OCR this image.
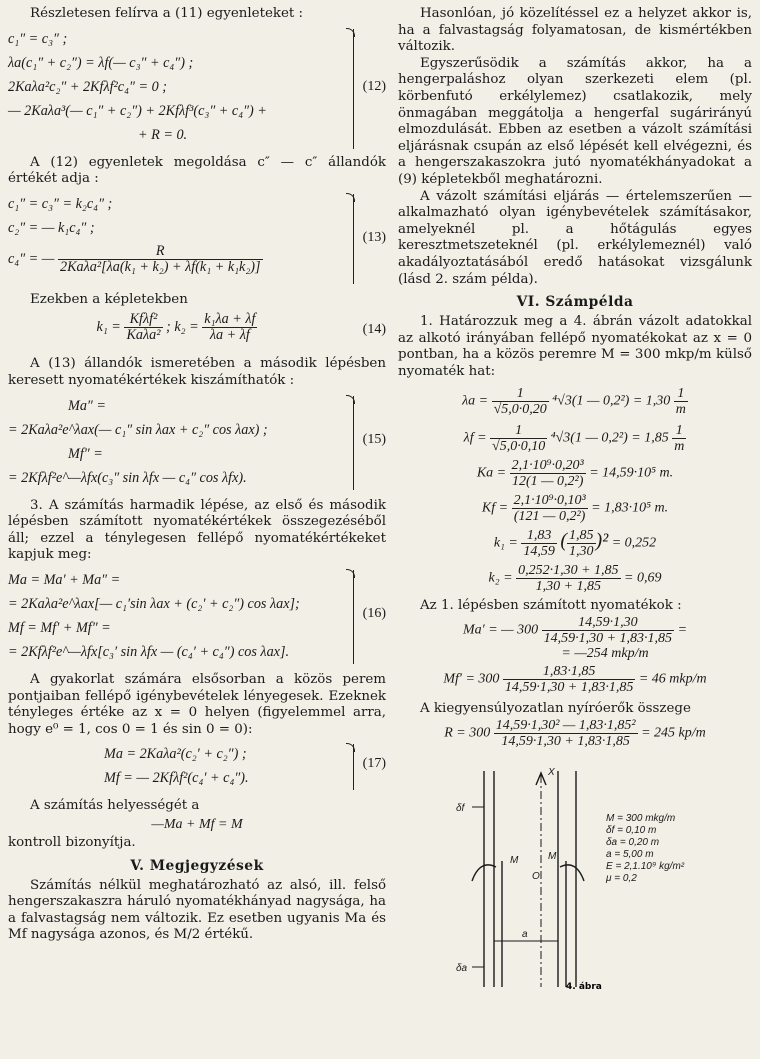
Részletesen felírva a (11) egyenleteket :

c₁″ = c₃″ ;
λa(c₁″ + c₂″) = λf(— c₃″ + c₄″) ;
2Kaλa²c₂″ + 2Kfλf²c₄″ = 0 ;
— 2Kaλa³(— c₁″ + c₂″) + 2Kfλf³(c₃″ + c₄″) +
+ R = 0.
(12)

A (12) egyenletek megoldása c″ — c″ állandók értékét adja :

c₁″ = c₃″ = k₂c₄″ ;
c₂″ = — k₁c₄″ ;
c₄″ = — $\frac{R}{\text{2Kaλa²[λa(k₁ + k₂) + λf(k₁ + k₁k₂)]}}$
(13)

Ezekben a képletekben

$k_1 = \frac{\text{Kfλf²}}{\text{Kaλa²}}$ ; $k_2 = \frac{\text{k₁λa + λf}}{\lambda a + \lambda f}$	(14)

A (13) állandók ismeretében a második lépésben keresett nyomatékértékek kiszámíthatók :

Ma″ =
= 2Kaλa²e^λax(— c₁″ sin λax + c₂″ cos λax) ;
Mf″ =
= 2Kfλf²e^—λfx(c₃″ sin λfx — c₄″ cos λfx).
(15)

3. A számítás harmadik lépése, az első és második lépésben számított nyomatékértékek összegezéséből áll; ezzel a ténylegesen fellépő nyomatékértékeket kapjuk meg:

Ma = Ma′ + Ma″ =
= 2Kaλa²e^λax[— c₁′sin λax + (c₂′ + c₂″) cos λax];
Mf = Mf′ + Mf″ =
= 2Kfλf²e^—λfx[c₃′ sin λfx — (c₄′ + c₄″) cos λax].
(16)

A gyakorlat számára elsősorban a közös perem pontjaiban fellépő igénybevételek lényegesek. Ezeknek tényleges értéke az x = 0 helyen (figyelemmel arra, hogy e⁰ = 1, cos 0 = 1 és sin 0 = 0):

Ma = 2Kaλa²(c₂′ + c₂″) ;
Mf = — 2Kfλf²(c₄′ + c₄″).
(17)

A számítás helyességét a

—Ma + Mf = M

kontroll bizonyítja.

V. Megjegyzések

Számítás nélkül meghatározható az alsó, ill. felső hengerszakaszra háruló nyomatékhányad nagysága, ha a falvastagság nem változik. Ez esetben ugyanis Ma és Mf nagysága azonos, és M/2 értékű.

Hasonlóan, jó közelítéssel ez a helyzet akkor is, ha a falvastagság folyamatosan, de kismértékben változik.

Egyszerűsödik a számítás akkor, ha a hengerpaláshoz olyan szerkezeti elem (pl. körbenfutó erkélylemez) csatlakozik, mely önmagában meggátolja a hengerfal sugárirányú elmozdulását. Ebben az esetben a vázolt számítási eljárásnak csupán az első lépését kell elvégezni, és a hengerszakaszokra jutó nyomatékhányadokat a (9) képletekből meghatározni.

A vázolt számítási eljárás — értelemszerűen — alkalmazható olyan igénybevételek számításakor, amelyeknél pl. a hőtágulás egyes keresztmetszeteknél (pl. erkélylemeznél) való akadályoztatásából eredő hatásokat vizsgálunk (lásd 2. szám példa).

VI. Számpélda

1. Határozzuk meg a 4. ábrán vázolt adatokkal az alkotó irányában fellépő nyomatékokat az x = 0 pontban, ha a közös peremre M = 300 mkp/m külső nyomaték hat:

$\lambda a = \frac{1}{√5,0\cdot 0,20} ^4√3(1$ — $0,2^2) = 1,30 \frac{1}{m}$
$\lambda f = \frac{1}{√5,0\cdot 0,10} ^4√3(1$ — $0,2^2) = 1,85 \frac{1}{m}$
$Ka = \frac{\text{2,1·10⁹·0,20³}}{\text{12(1 — 0,2²)}} = 14,59\cdot 10^5$ m.
$Kf = \frac{\text{2,1·10⁹·0,10³}}{\text{(121 — 0,2²)}} = 1,83\cdot 10^5$ m.
$k_1 = \frac{1,83}{14,59}$ ( $\frac{1,85}{1,30} )^2 = 0,252$
$k_2 = \frac{0,252\cdot 1,30 + 1,85}{1,30 + 1,85} = 0,69$

Az 1. lépésben számított nyomatékok :

Ma′ = — $300 \frac{14,59\cdot 1,30}{14,59\cdot 1,30 + 1,83\cdot 1,85}$ =
= —254 mkp/m
$Mf' = 300 \frac{1,83\cdot 1,85}{14,59\cdot 1,30 + 1,83\cdot 1,85} = 46$ mkp/m

A kiegyensúlyozatlan nyíróerők összege

$R = 300 \frac{\text{14,59·1,30² — 1,83·1,85²}}{14,59\cdot 1,30 + 1,83\cdot 1,85} = 245$ kp/m
X
M	M
O
δf
δa
a
M = 300 mkg/m
δf = 0,10 m
δa = 0,20 m
a = 5,00 m
E = 2,1.10⁹ kg/m²
μ = 0,2
4. ábra
